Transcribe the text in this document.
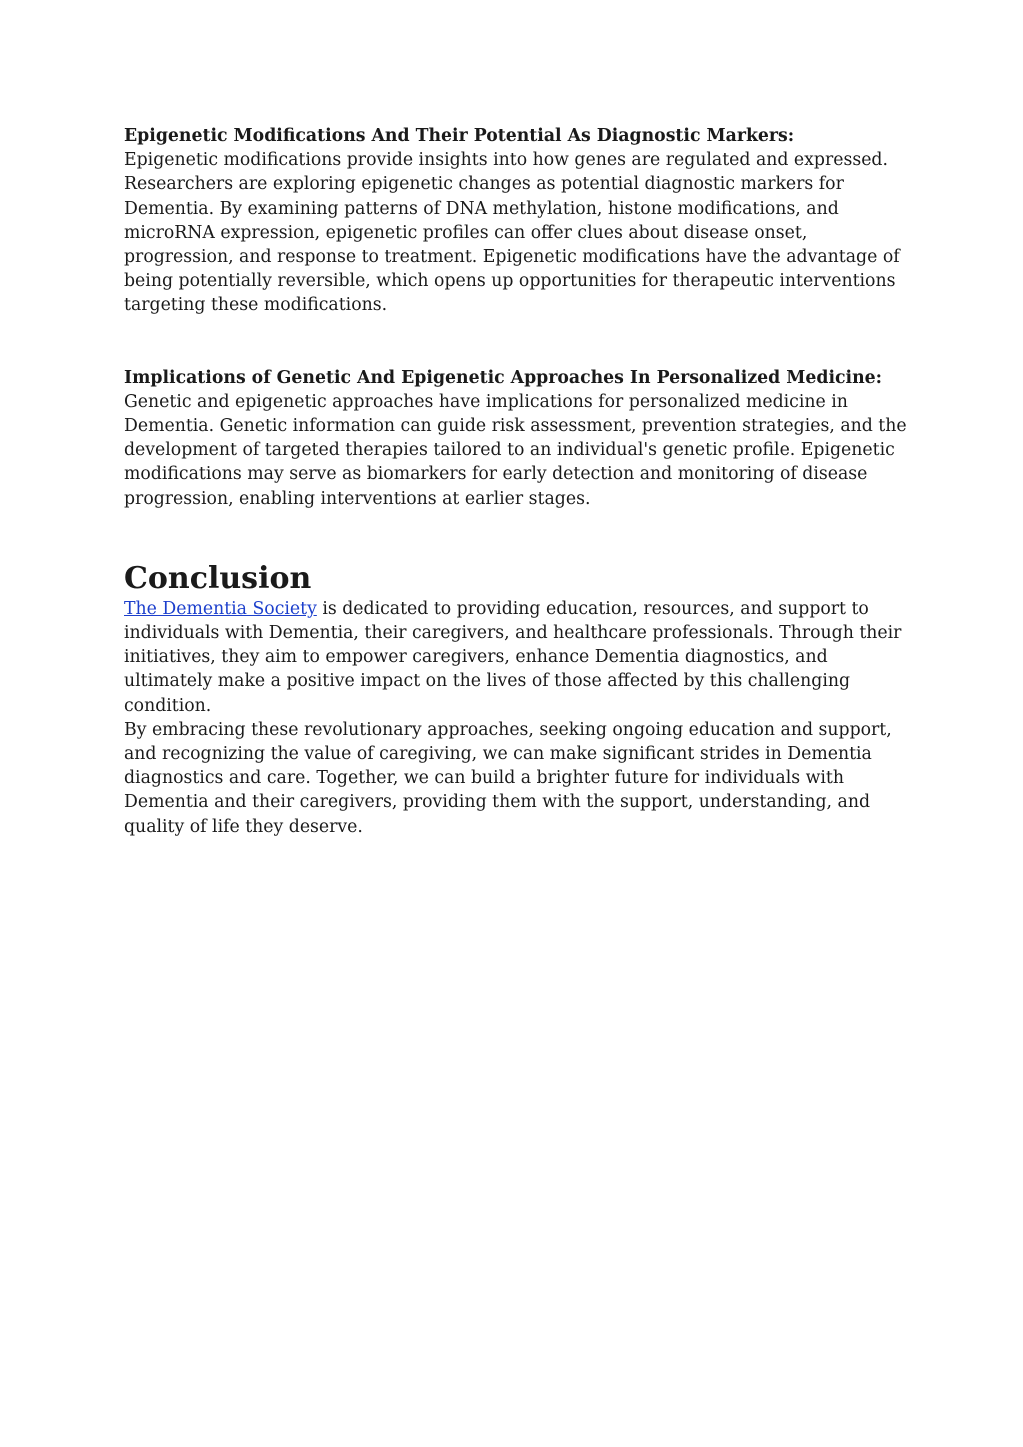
Epigenetic Modifications And Their Potential As Diagnostic Markers:

Epigenetic modifications provide insights into how genes are regulated and expressed. Researchers are exploring epigenetic changes as potential diagnostic markers for Dementia. By examining patterns of DNA methylation, histone modifications, and microRNA expression, epigenetic profiles can offer clues about disease onset, progression, and response to treatment. Epigenetic modifications have the advantage of being potentially reversible, which opens up opportunities for therapeutic interventions targeting these modifications.

Implications of Genetic And Epigenetic Approaches In Personalized Medicine:

Genetic and epigenetic approaches have implications for personalized medicine in Dementia. Genetic information can guide risk assessment, prevention strategies, and the development of targeted therapies tailored to an individual's genetic profile. Epigenetic modifications may serve as biomarkers for early detection and monitoring of disease progression, enabling interventions at earlier stages.

Conclusion

The Dementia Society is dedicated to providing education, resources, and support to individuals with Dementia, their caregivers, and healthcare professionals. Through their initiatives, they aim to empower caregivers, enhance Dementia diagnostics, and ultimately make a positive impact on the lives of those affected by this challenging condition.

By embracing these revolutionary approaches, seeking ongoing education and support, and recognizing the value of caregiving, we can make significant strides in Dementia diagnostics and care. Together, we can build a brighter future for individuals with Dementia and their caregivers, providing them with the support, understanding, and quality of life they deserve.
